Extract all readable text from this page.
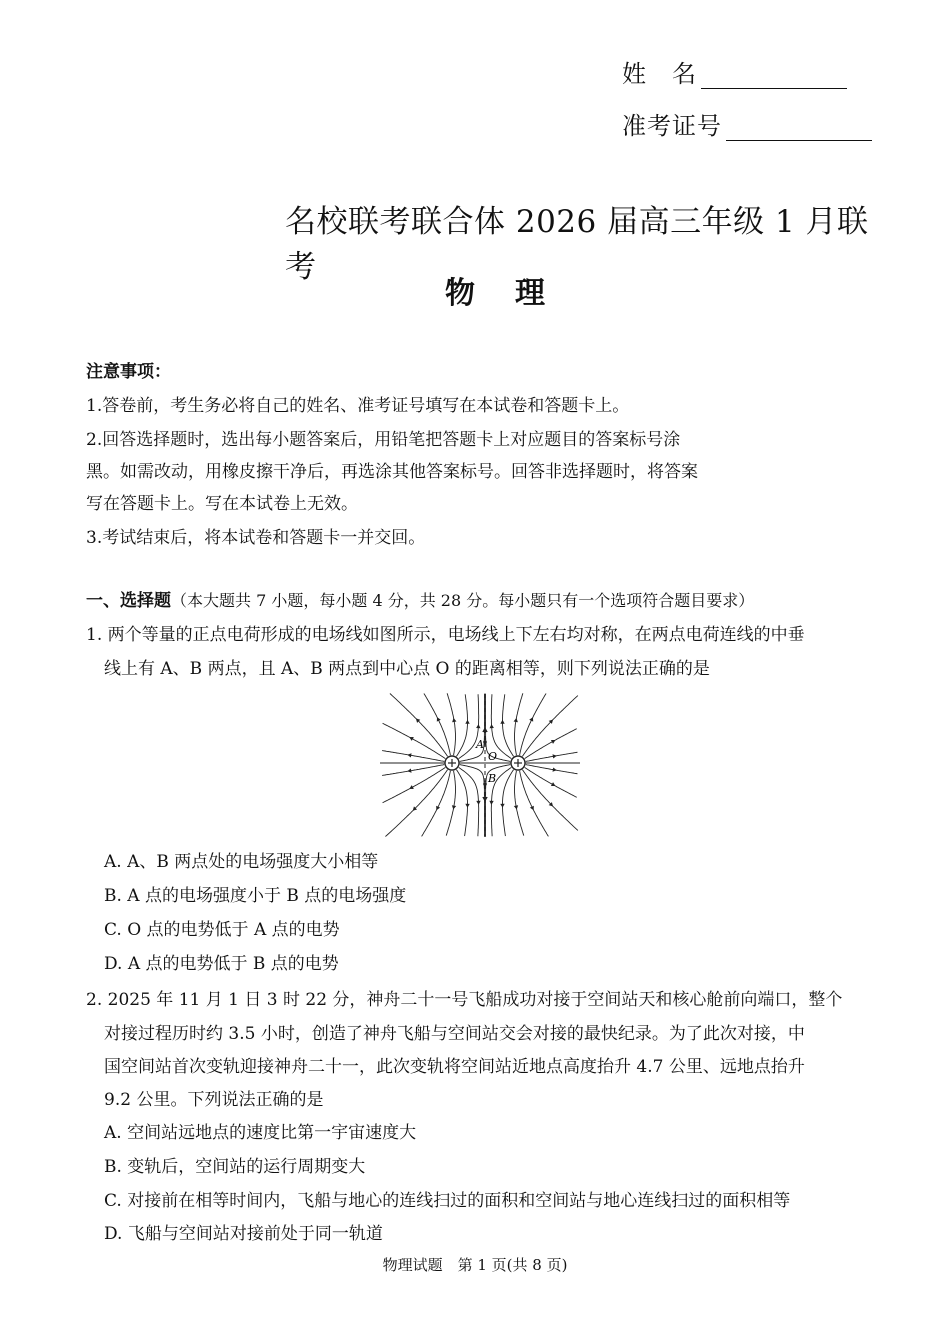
姓　名
准考证号
名校联考联合体 2026 届高三年级 1 月联考
物理
注意事项：
1.答卷前，考生务必将自己的姓名、准考证号填写在本试卷和答题卡上。
2.回答选择题时，选出每小题答案后，用铅笔把答题卡上对应题目的答案标号涂
黑。如需改动，用橡皮擦干净后，再选涂其他答案标号。回答非选择题时，将答案
写在答题卡上。写在本试卷上无效。
3.考试结束后，将本试卷和答题卡一并交回。
一、选择题（本大题共 7 小题，每小题 4 分，共 28 分。每小题只有一个选项符合题目要求）
1. 两个等量的正点电荷形成的电场线如图所示，电场线上下左右均对称，在两点电荷连线的中垂
线上有 A、B 两点，且 A、B 两点到中心点 O 的距离相等，则下列说法正确的是
A
O
B
A. A、B 两点处的电场强度大小相等
B. A 点的电场强度小于 B 点的电场强度
C. O 点的电势低于 A 点的电势
D. A 点的电势低于 B 点的电势
2. 2025 年 11 月 1 日 3 时 22 分，神舟二十一号飞船成功对接于空间站天和核心舱前向端口，整个
对接过程历时约 3.5 小时，创造了神舟飞船与空间站交会对接的最快纪录。为了此次对接，中
国空间站首次变轨迎接神舟二十一，此次变轨将空间站近地点高度抬升 4.7 公里、远地点抬升
9.2 公里。下列说法正确的是
A. 空间站远地点的速度比第一宇宙速度大
B. 变轨后，空间站的运行周期变大
C. 对接前在相等时间内，飞船与地心的连线扫过的面积和空间站与地心连线扫过的面积相等
D. 飞船与空间站对接前处于同一轨道
物理试题　第 1 页(共 8 页)
